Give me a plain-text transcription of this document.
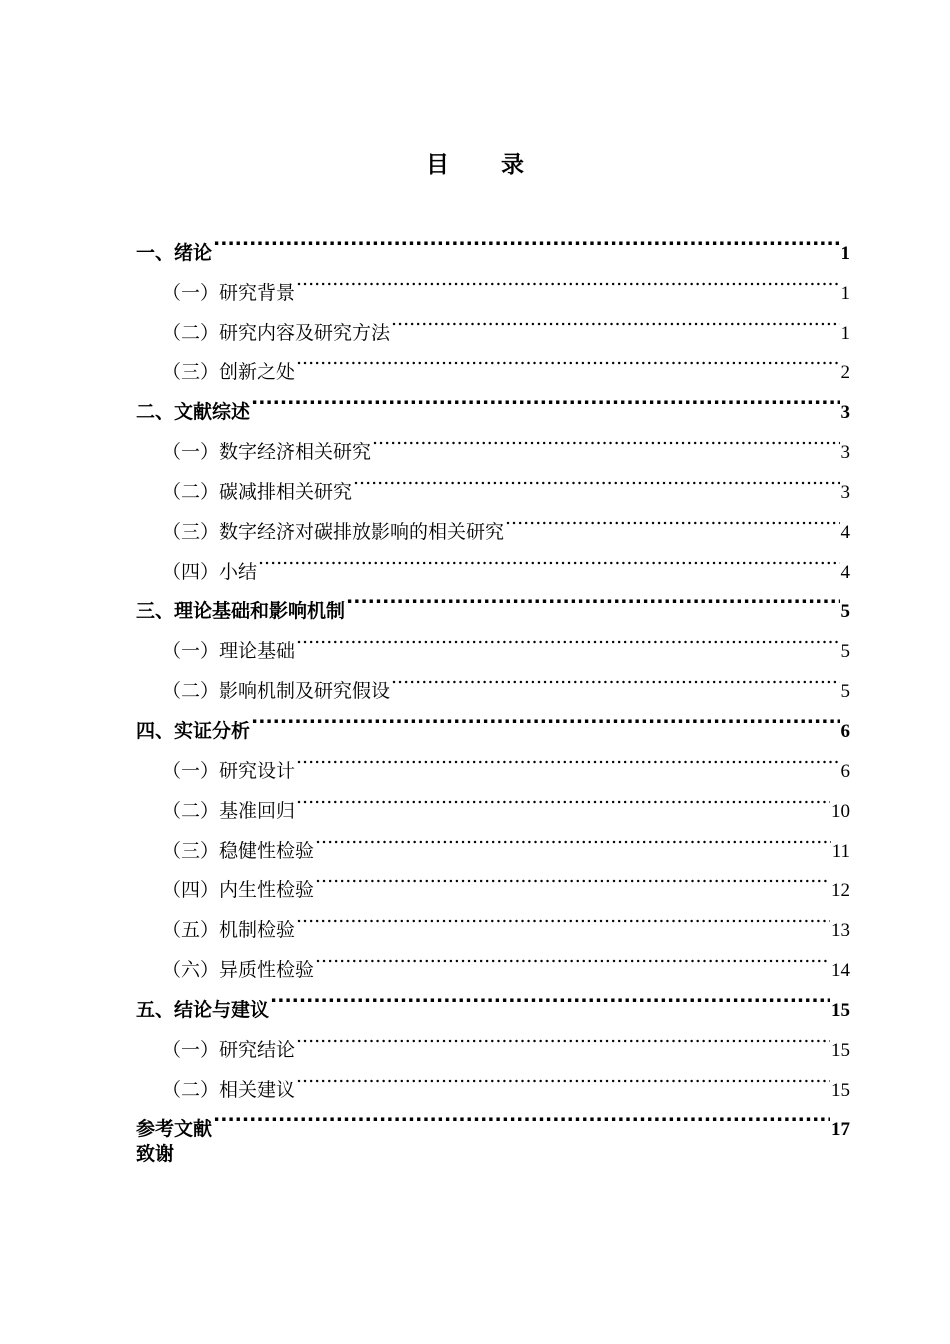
目 录
一、绪论 .....	1
（一）研究背景 .....	1
（二）研究内容及研究方法 .....	1
（三）创新之处 .....	2
二、文献综述 .....	3
（一）数字经济相关研究 .....	3
（二）碳减排相关研究 .....	3
（三）数字经济对碳排放影响的相关研究 .....	4
（四）小结 .....	4
三、理论基础和影响机制 .....	5
（一）理论基础 .....	5
（二）影响机制及研究假设 .....	5
四、实证分析 .....	6
（一）研究设计 .....	6
（二）基准回归 .....	10
（三）稳健性检验 .....	11
（四）内生性检验 .....	12
（五）机制检验 .....	13
（六）异质性检验 .....	14
五、结论与建议 .....	15
（一）研究结论 .....	15
（二）相关建议 .....	15
参考文献 .....	17
致谢
